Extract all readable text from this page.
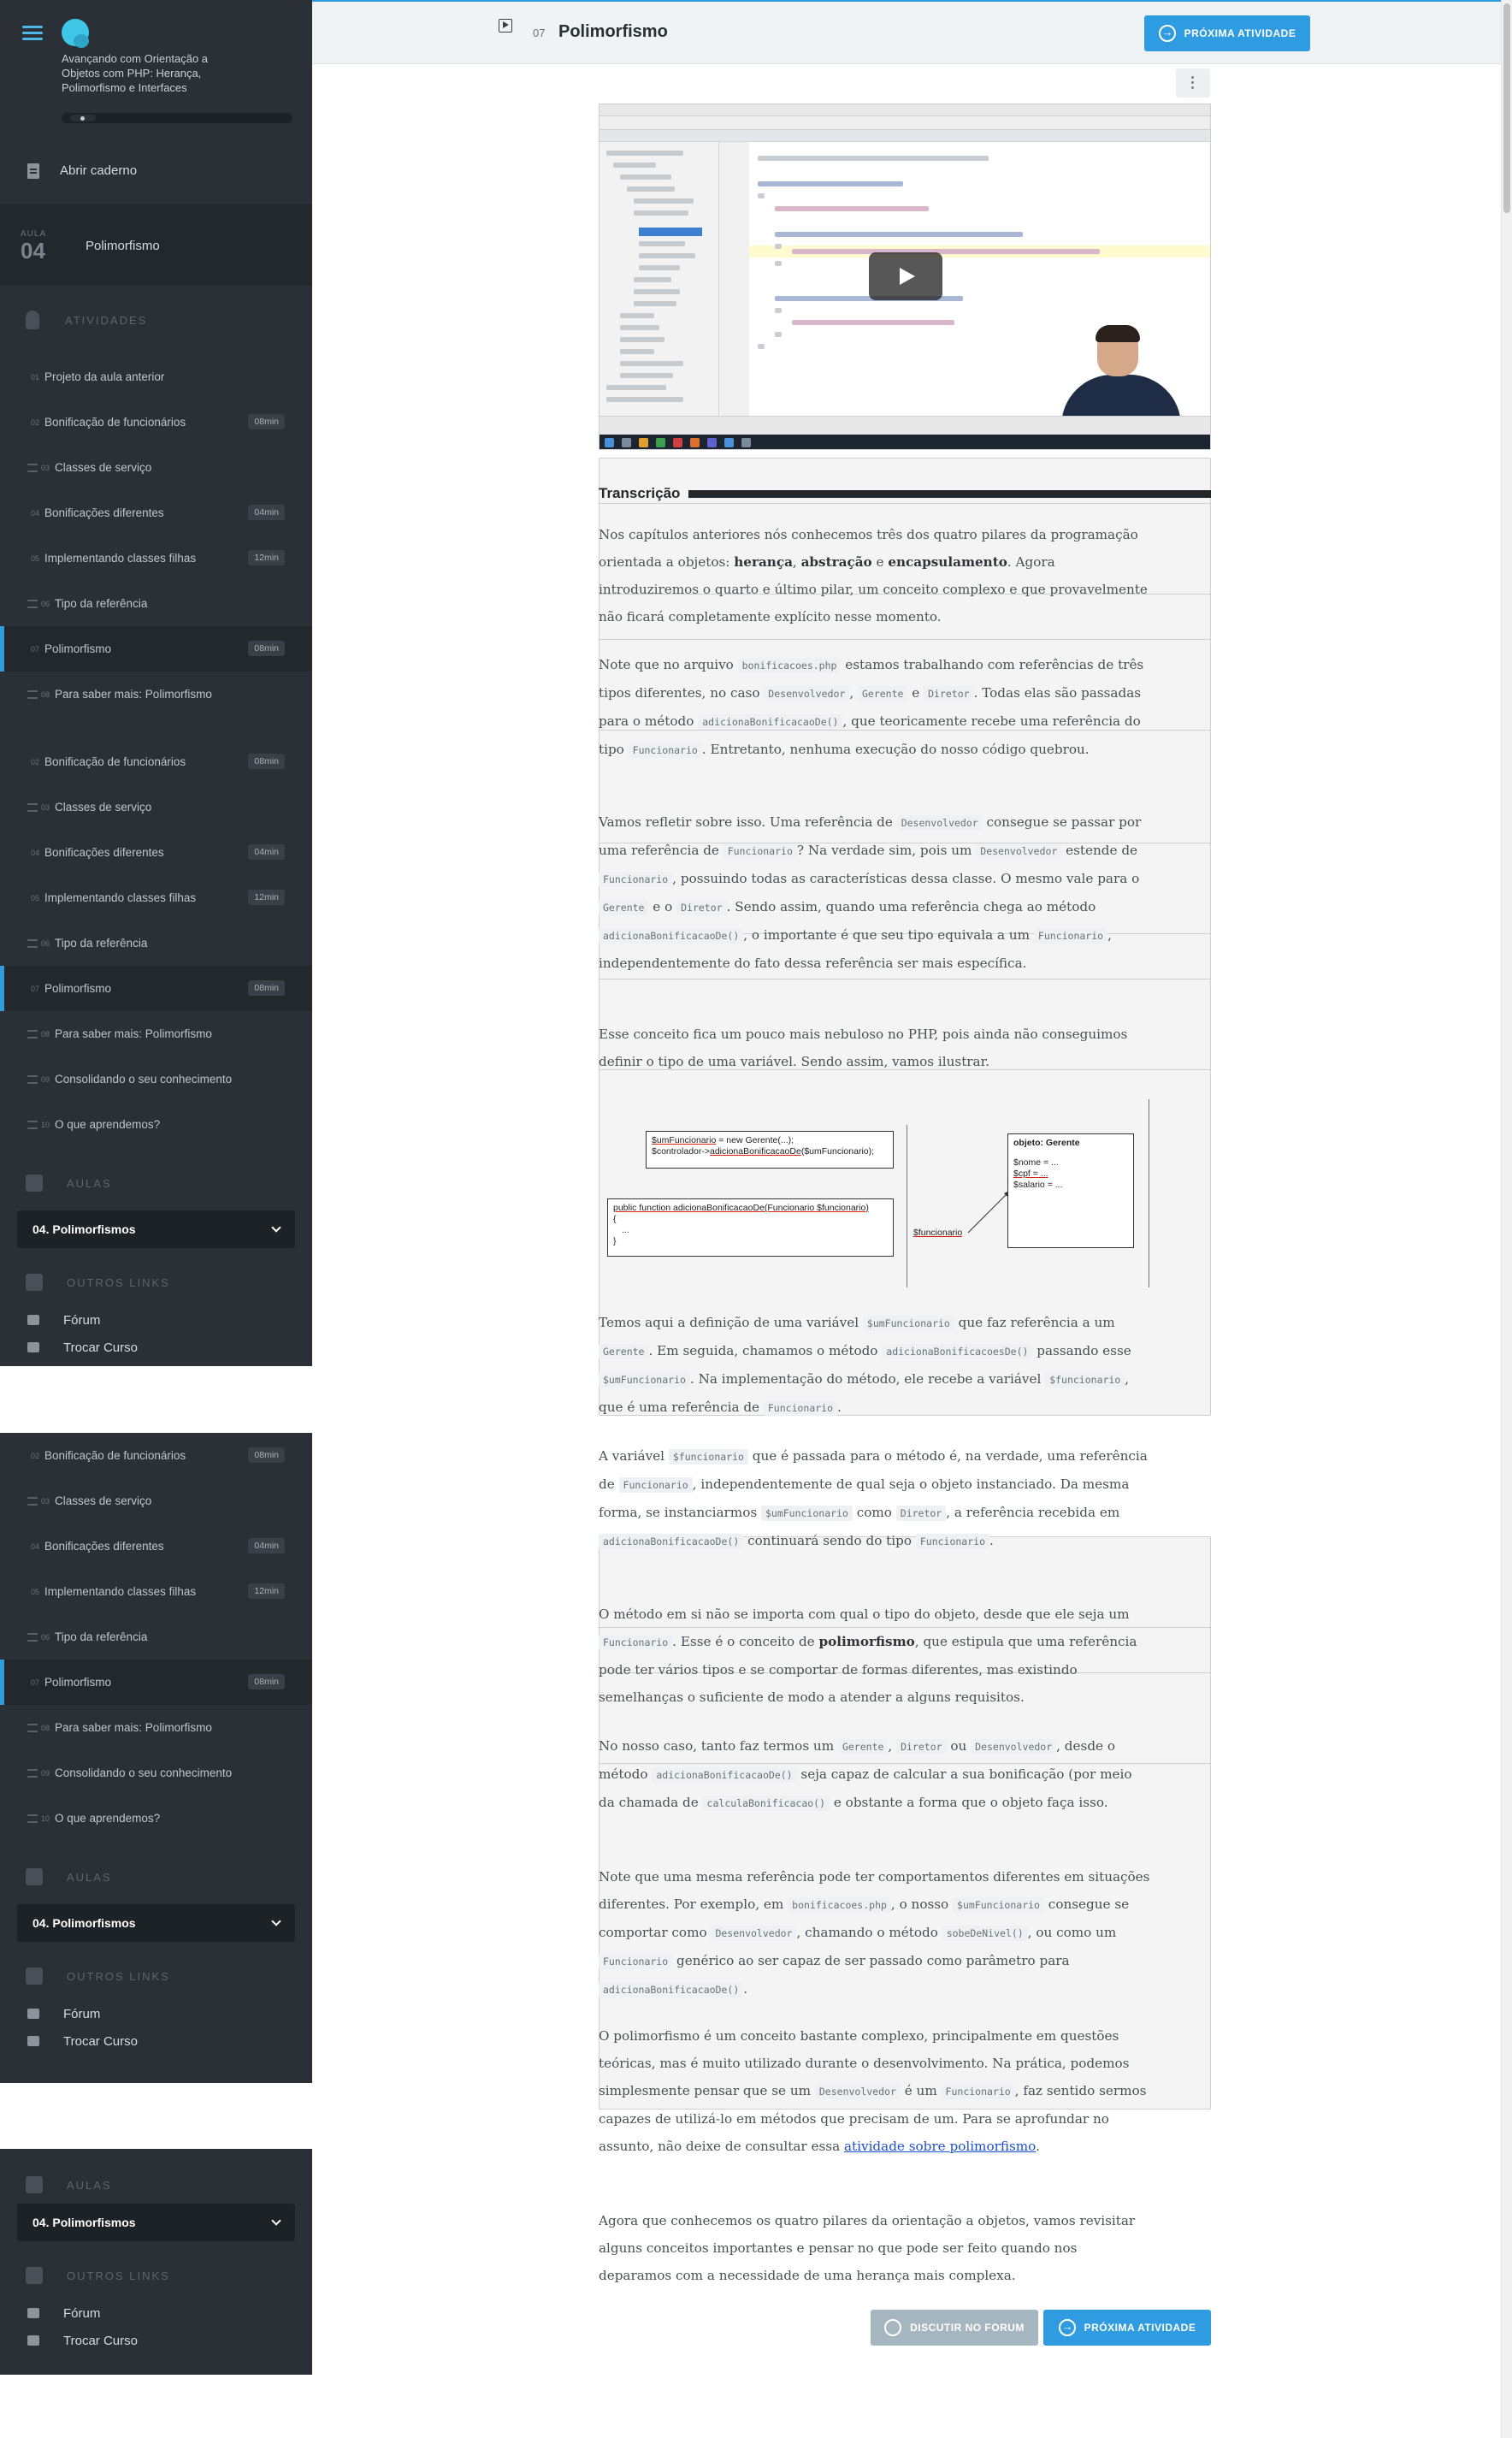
Avançando com Orientação a Objetos com PHP: Herança, Polimorfismo e Interfaces
Abrir caderno
AULA
04	Polimorfismo
ATIVIDADES
01 Projeto da aula anterior
02 Bonificação de funcionários	08min
03 Classes de serviço
04 Bonificações diferentes	04min
05 Implementando classes filhas	12min
06 Tipo da referência
07 Polimorfismo	08min
08 Para saber mais: Polimorfismo
02 Bonificação de funcionários	08min
03 Classes de serviço
04 Bonificações diferentes	04min
05 Implementando classes filhas	12min
06 Tipo da referência
07 Polimorfismo	08min
08 Para saber mais: Polimorfismo
09 Consolidando o seu conhecimento
10 O que aprendemos?
AULAS
04. Polimorfismos
OUTROS LINKS
Fórum
Trocar Curso
02 Bonificação de funcionários	08min
03 Classes de serviço
04 Bonificações diferentes	04min
05 Implementando classes filhas	12min
06 Tipo da referência
07 Polimorfismo	08min
08 Para saber mais: Polimorfismo
09 Consolidando o seu conhecimento
10 O que aprendemos?
AULAS
04. Polimorfismos
OUTROS LINKS
Fórum
Trocar Curso
AULAS
04. Polimorfismos
OUTROS LINKS
Fórum
Trocar Curso
07 Polimorfismo →	PRÓXIMA ATIVIDADE
Transcrição
Nos capítulos anteriores nós conhecemos três dos quatro pilares da programação orientada a objetos: herança, abstração e encapsulamento. Agora introduziremos o quarto e último pilar, um conceito complexo e que provavelmente não ficará completamente explícito nesse momento.
Note que no arquivo bonificacoes.php estamos trabalhando com referências de três tipos diferentes, no caso Desenvolvedor , Gerente e Diretor . Todas elas são passadas para o método adicionaBonificacaoDe() , que teoricamente recebe uma referência do tipo Funcionario . Entretanto, nenhuma execução do nosso código quebrou.
Vamos refletir sobre isso. Uma referência de Desenvolvedor consegue se passar por uma referência de Funcionario ? Na verdade sim, pois um Desenvolvedor estende de Funcionario , possuindo todas as características dessa classe. O mesmo vale para o Gerente e o Diretor . Sendo assim, quando uma referência chega ao método adicionaBonificacaoDe() , o importante é que seu tipo equivala a um Funcionario , independentemente do fato dessa referência ser mais específica.
Esse conceito fica um pouco mais nebuloso no PHP, pois ainda não conseguimos definir o tipo de uma variável. Sendo assim, vamos ilustrar.
$umFuncionario = new Gerente(...);
$controlador->adicionaBonificacaoDe($umFuncionario);
public function adicionaBonificacaoDe(Funcionario $funcionario)
{
...
}
$funcionario
objeto: Gerente
$nome = ...
$cpf = ...
$salario = ...
Temos aqui a definição de uma variável $umFuncionario que faz referência a um Gerente . Em seguida, chamamos o método adicionaBonificacoesDe() passando esse $umFuncionario . Na implementação do método, ele recebe a variável $funcionario , que é uma referência de Funcionario .
A variável $funcionario que é passada para o método é, na verdade, uma referência de Funcionario , independentemente de qual seja o objeto instanciado. Da mesma forma, se instanciarmos $umFuncionario como Diretor , a referência recebida em adicionaBonificacaoDe() continuará sendo do tipo Funcionario .
O método em si não se importa com qual o tipo do objeto, desde que ele seja um Funcionario . Esse é o conceito de polimorfismo, que estipula que uma referência pode ter vários tipos e se comportar de formas diferentes, mas existindo semelhanças o suficiente de modo a atender a alguns requisitos.
No nosso caso, tanto faz termos um Gerente , Diretor ou Desenvolvedor , desde o método adicionaBonificacaoDe() seja capaz de calcular a sua bonificação (por meio da chamada de calculaBonificacao() e obstante a forma que o objeto faça isso.
Note que uma mesma referência pode ter comportamentos diferentes em situações diferentes. Por exemplo, em bonificacoes.php , o nosso $umFuncionario consegue se comportar como Desenvolvedor , chamando o método sobeDeNivel() , ou como um Funcionario genérico ao ser capaz de ser passado como parâmetro para adicionaBonificacaoDe() .
O polimorfismo é um conceito bastante complexo, principalmente em questões teóricas, mas é muito utilizado durante o desenvolvimento. Na prática, podemos simplesmente pensar que se um Desenvolvedor é um Funcionario , faz sentido sermos capazes de utilizá-lo em métodos que precisam de um. Para se aprofundar no assunto, não deixe de consultar essa atividade sobre polimorfismo.
Agora que conhecemos os quatro pilares da orientação a objetos, vamos revisitar alguns conceitos importantes e pensar no que pode ser feito quando nos deparamos com a necessidade de uma herança mais complexa.
DISCUTIR NO FORUM →	PRÓXIMA ATIVIDADE
